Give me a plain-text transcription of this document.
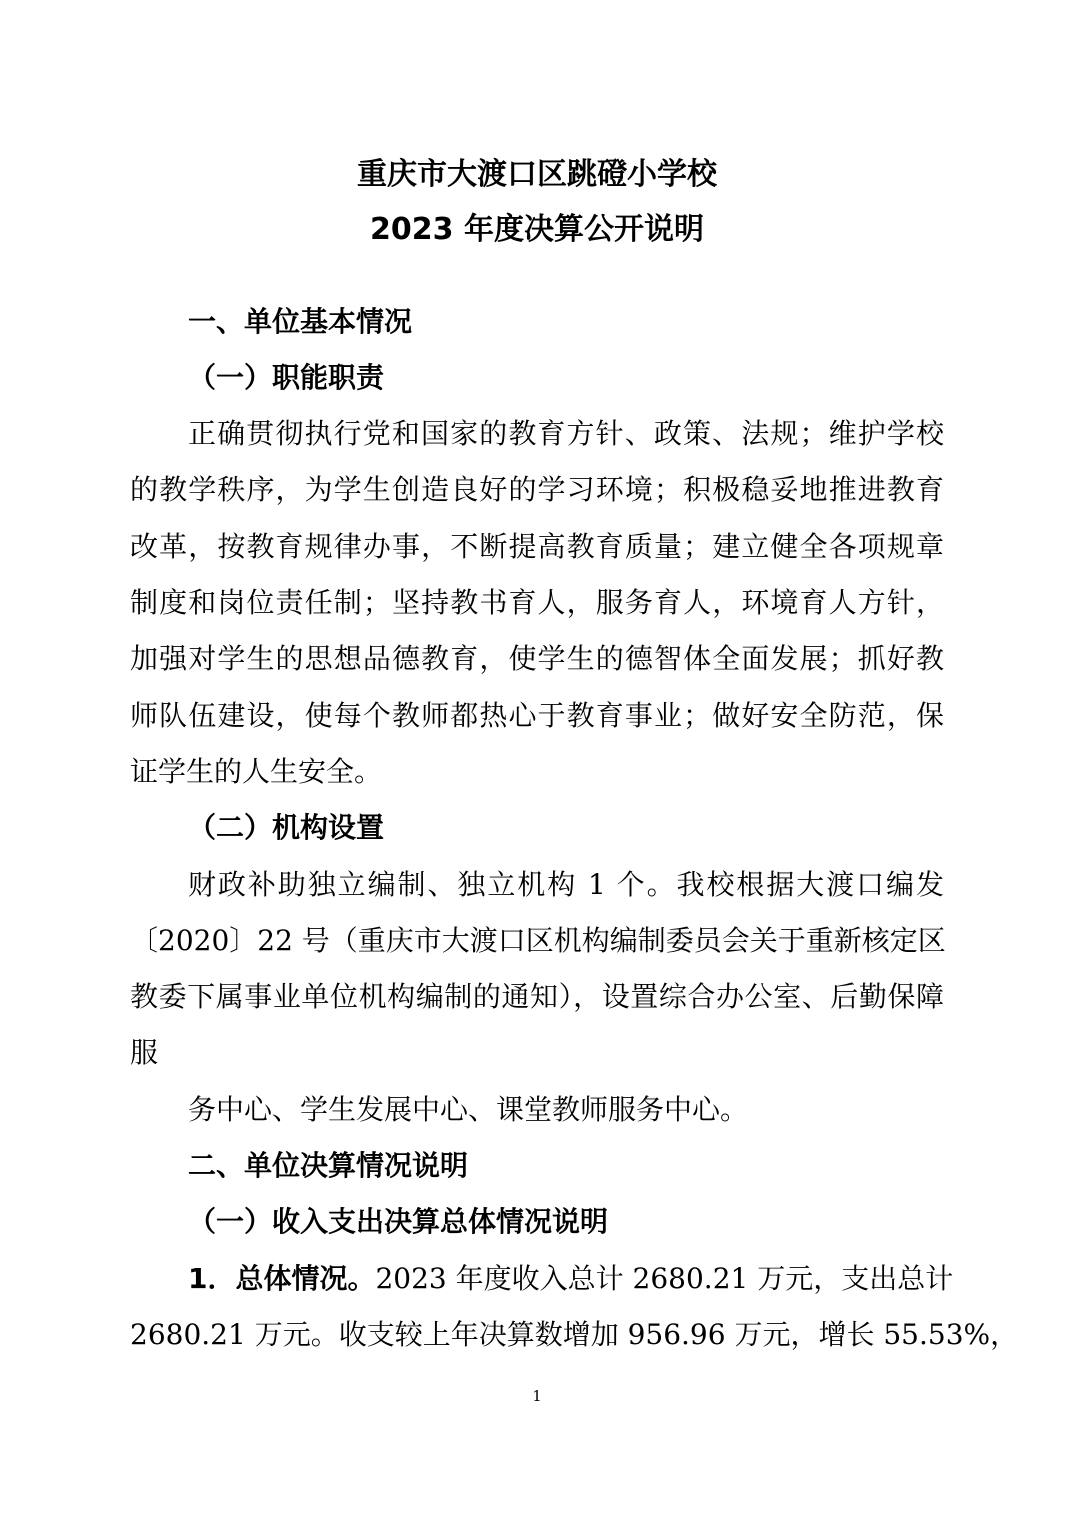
重庆市大渡口区跳磴小学校
2023 年度决算公开说明
一、单位基本情况
（一）职能职责
正确贯彻执行党和国家的教育方针、政策、法规；维护学校
的教学秩序，为学生创造良好的学习环境；积极稳妥地推进教育
改革，按教育规律办事，不断提高教育质量；建立健全各项规章
制度和岗位责任制；坚持教书育人，服务育人，环境育人方针，
加强对学生的思想品德教育，使学生的德智体全面发展；抓好教
师队伍建设，使每个教师都热心于教育事业；做好安全防范，保
证学生的人生安全。
（二）机构设置
财政补助独立编制、独立机构 1 个。我校根据大渡口编发
〔2020〕22 号（重庆市大渡口区机构编制委员会关于重新核定区
教委下属事业单位机构编制的通知），设置综合办公室、后勤保障
服
务中心、学生发展中心、课堂教师服务中心。
二、单位决算情况说明
（一）收入支出决算总体情况说明
1．总体情况。2023 年度收入总计 2680.21 万元，支出总计
2680.21 万元。收支较上年决算数增加 956.96 万元，增长 55.53%，
1
